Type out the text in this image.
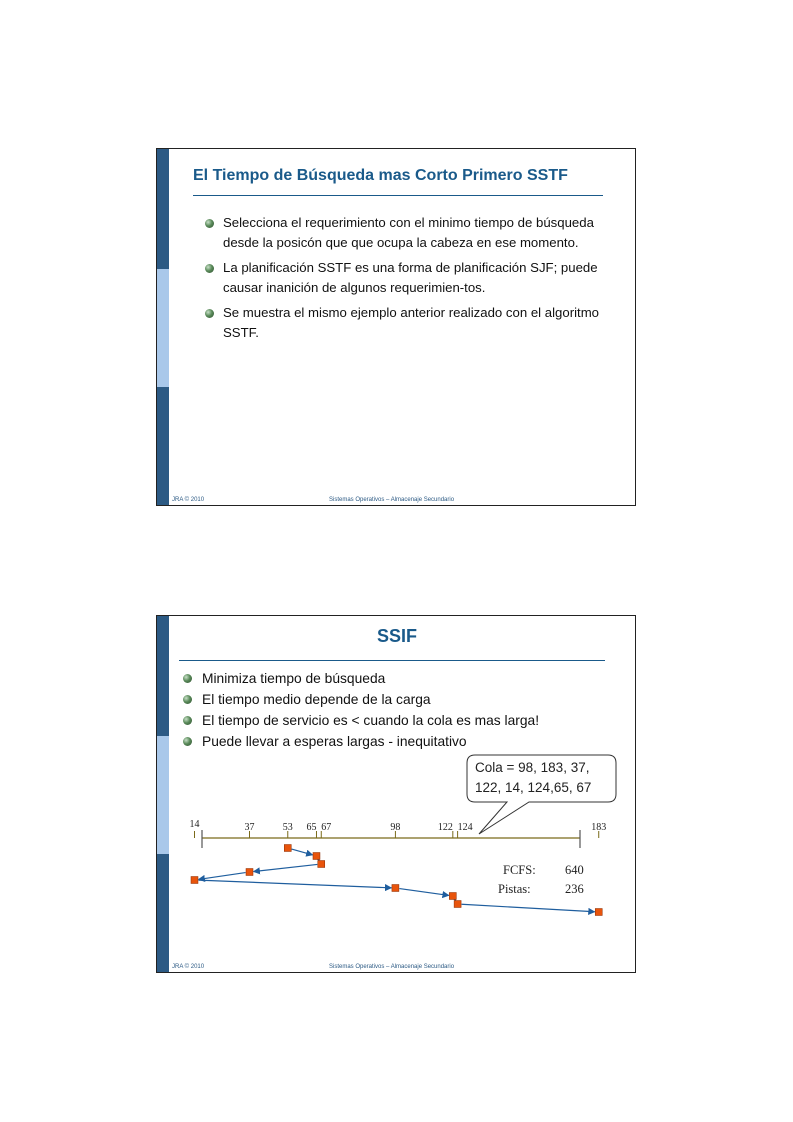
El Tiempo de Búsqueda mas Corto Primero SSTF
Selecciona el requerimiento con el minimo tiempo de búsqueda desde la posicón que que ocupa la cabeza en ese momento.
La planificación SSTF es una forma de planificación SJF; puede causar inanición de algunos requerimien-tos.
Se muestra el mismo ejemplo anterior realizado con el algoritmo SSTF.
JRA © 2010	Sistemas Operativos – Almacenaje Secundario
SSIF
Minimiza tiempo de búsqueda
El tiempo medio depende de la carga
El tiempo de servicio es < cuando la cola es mas larga!
Puede llevar a esperas largas - inequitativo
Cola = 98, 183, 37,
122, 14, 124,65, 67
14	37	53 65 67	98	122 124	183
FCFS: 640
Pistas:	236
JRA © 2010	Sistemas Operativos – Almacenaje Secundario
